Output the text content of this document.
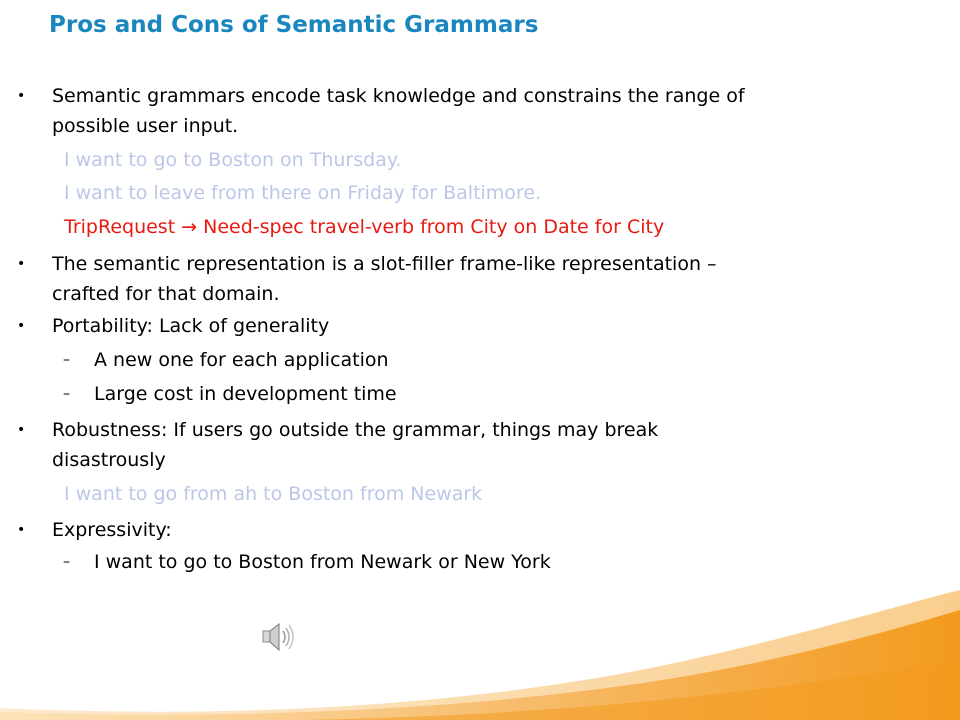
Pros and Cons of Semantic Grammars
• Semantic grammars encode task knowledge and constrains the range of
possible user input.
I want to go to Boston on Thursday.
I want to leave from there on Friday for Baltimore.
TripRequest → Need-spec travel-verb from City on Date for City
• The semantic representation is a slot-filler frame-like representation –
crafted for that domain.
• Portability: Lack of generality
– A new one for each application
– Large cost in development time
• Robustness: If users go outside the grammar, things may break
disastrously
I want to go from ah to Boston from Newark
• Expressivity:
– I want to go to Boston from Newark or New York
